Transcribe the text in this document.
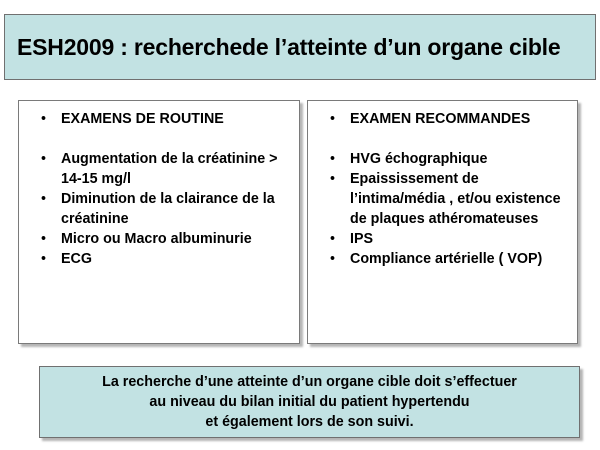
ESH2009 : recherchede l’atteinte d’un organe cible
• EXAMENS DE ROUTINE
• Augmentation de la créatinine > 14-15 mg/l
• Diminution de la clairance de la créatinine
• Micro ou Macro albuminurie
• ECG
• EXAMEN RECOMMANDES
• HVG échographique
• Epaississement de l’intima/média , et/ou existence de plaques athéromateuses
• IPS
• Compliance artérielle ( VOP)

La recherche d’une atteinte d’un organe cible doit s’effectuer
au niveau du bilan initial du patient hypertendu
et également lors de son suivi.
